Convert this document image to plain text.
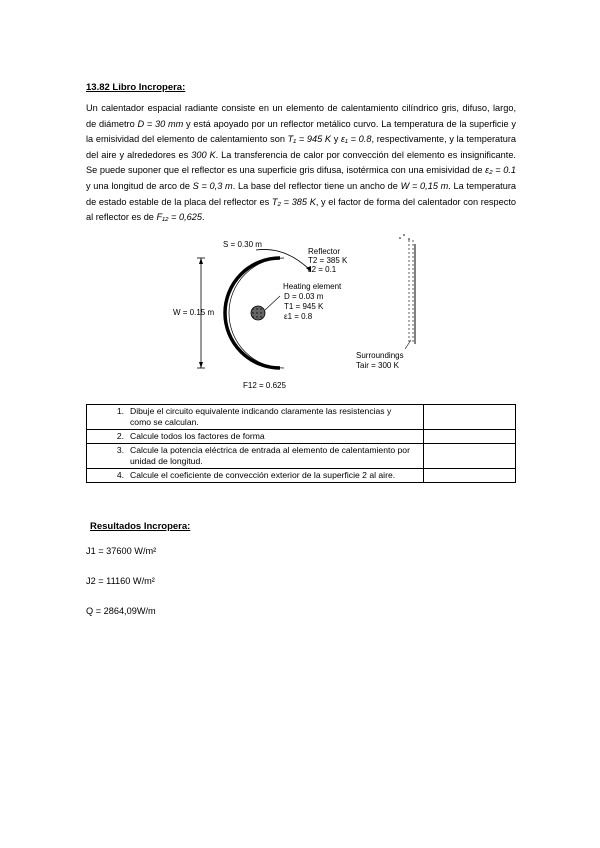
13.82 Libro Incropera:
Un calentador espacial radiante consiste en un elemento de calentamiento cilíndrico gris, difuso, largo, de diámetro D = 30 mm y está apoyado por un reflector metálico curvo. La temperatura de la superficie y la emisividad del elemento de calentamiento son T₁ = 945 K y ε₁ = 0.8, respectivamente, y la temperatura del aire y alrededores es 300 K. La transferencia de calor por convección del elemento es insignificante. Se puede suponer que el reflector es una superficie gris difusa, isotérmica con una emisividad de ε₂ = 0.1 y una longitud de arco de S = 0,3 m. La base del reflector tiene un ancho de W = 0,15 m. La temperatura de estado estable de la placa del reflector es T₂ = 385 K, y el factor de forma del calentador con respecto al reflector es de F₁₂ = 0,625.
W = 0.15 m
S = 0.30 m
Reflector
T2 = 385 K
ε2 = 0.1
Heating element
D = 0.03 m
T1 = 945 K
ε1 = 0.8
F12 = 0.625
Surroundings
Tair = 300 K
1. Dibuje el circuito equivalente indicando claramente las resistencias y como se calculan.	
2. Calcule todos los factores de forma	
3. Calcule la potencia eléctrica de entrada al elemento de calentamiento por unidad de longitud.	
4. Calcule el coeficiente de convección exterior de la superficie 2 al aire.	
Resultados Incropera:
J1 = 37600 W/m²
J2 = 11160 W/m²
Q = 2864,09W/m
